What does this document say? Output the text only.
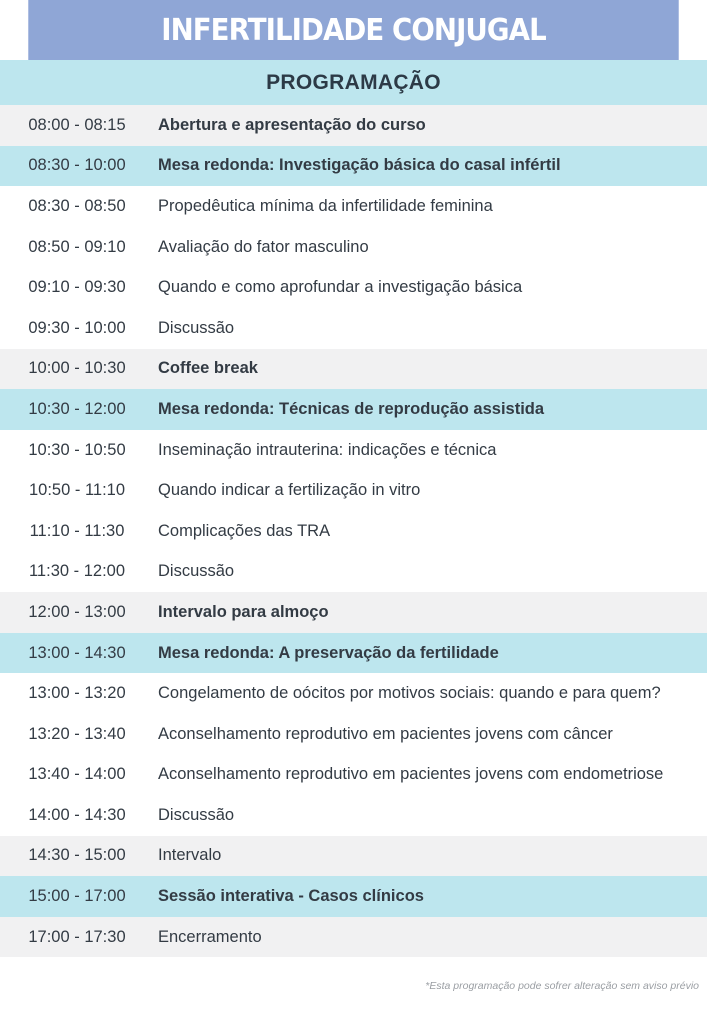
INFERTILIDADE CONJUGAL
PROGRAMAÇÃO
08:00 - 08:15	Abertura e apresentação do curso
08:30 - 10:00	Mesa redonda: Investigação básica do casal infértil
08:30 - 08:50	Propedêutica mínima da infertilidade feminina
08:50 - 09:10	Avaliação do fator masculino
09:10 - 09:30	Quando e como aprofundar a investigação básica
09:30 - 10:00	Discussão
10:00 - 10:30	Coffee break
10:30 - 12:00	Mesa redonda: Técnicas de reprodução assistida
10:30 - 10:50	Inseminação intrauterina: indicações e técnica
10:50 - 11:10	Quando indicar a fertilização in vitro
11:10 - 11:30	Complicações das TRA
11:30 - 12:00	Discussão
12:00 - 13:00	Intervalo para almoço
13:00 - 14:30	Mesa redonda: A preservação da fertilidade
13:00 - 13:20	Congelamento de oócitos por motivos sociais: quando e para quem?
13:20 - 13:40	Aconselhamento reprodutivo em pacientes jovens com câncer
13:40 - 14:00	Aconselhamento reprodutivo em pacientes jovens com endometriose
14:00 - 14:30	Discussão
14:30 - 15:00	Intervalo
15:00 - 17:00	Sessão interativa - Casos clínicos
17:00 - 17:30	Encerramento
*Esta programação pode sofrer alteração sem aviso prévio
